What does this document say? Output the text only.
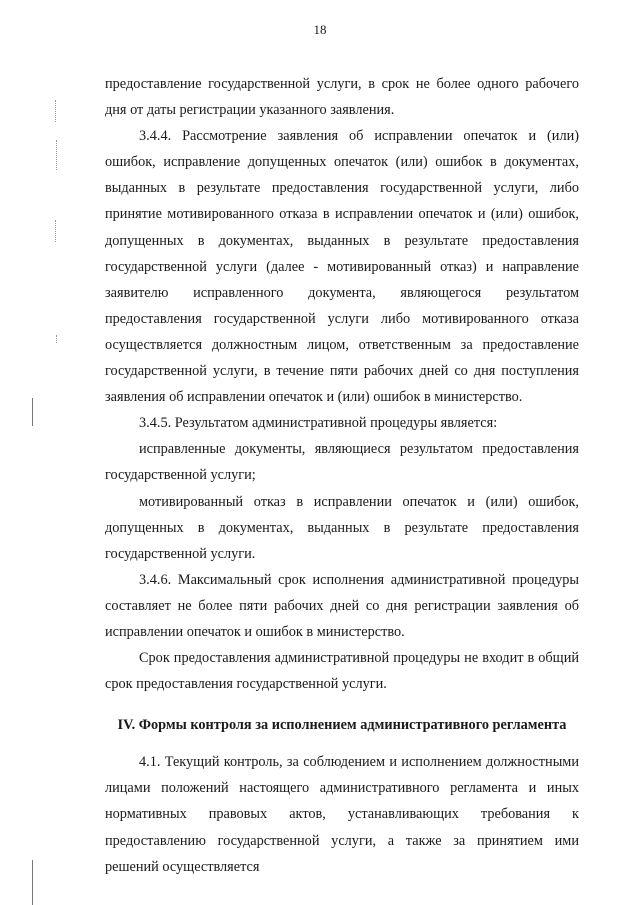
18

предоставление государственной услуги, в срок не более одного рабочего дня от даты регистрации указанного заявления.

3.4.4. Рассмотрение заявления об исправлении опечаток и (или) ошибок, исправление допущенных опечаток (или) ошибок в документах, выданных в результате предоставления государственной услуги, либо принятие мотивированного отказа в исправлении опечаток и (или) ошибок, допущенных в документах, выданных в результате предоставления государственной услуги (далее - мотивированный отказ) и направление заявителю исправленного документа, являющегося результатом предоставления государственной услуги либо мотивированного отказа осуществляется должностным лицом, ответственным за предоставление государственной услуги, в течение пяти рабочих дней со дня поступления заявления об исправлении опечаток и (или) ошибок в министерство.

3.4.5. Результатом административной процедуры является:

исправленные документы, являющиеся результатом предоставления государственной услуги;

мотивированный отказ в исправлении опечаток и (или) ошибок, допущенных в документах, выданных в результате предоставления государственной услуги.

3.4.6. Максимальный срок исполнения административной процедуры составляет не более пяти рабочих дней со дня регистрации заявления об исправлении опечаток и ошибок в министерство.

Срок предоставления административной процедуры не входит в общий срок предоставления государственной услуги.

IV. Формы контроля за исполнением административного регламента

4.1. Текущий контроль, за соблюдением и исполнением должностными лицами положений настоящего административного регламента и иных нормативных правовых актов, устанавливающих требования к предоставлению государственной услуги, а также за принятием ими решений осуществляется
